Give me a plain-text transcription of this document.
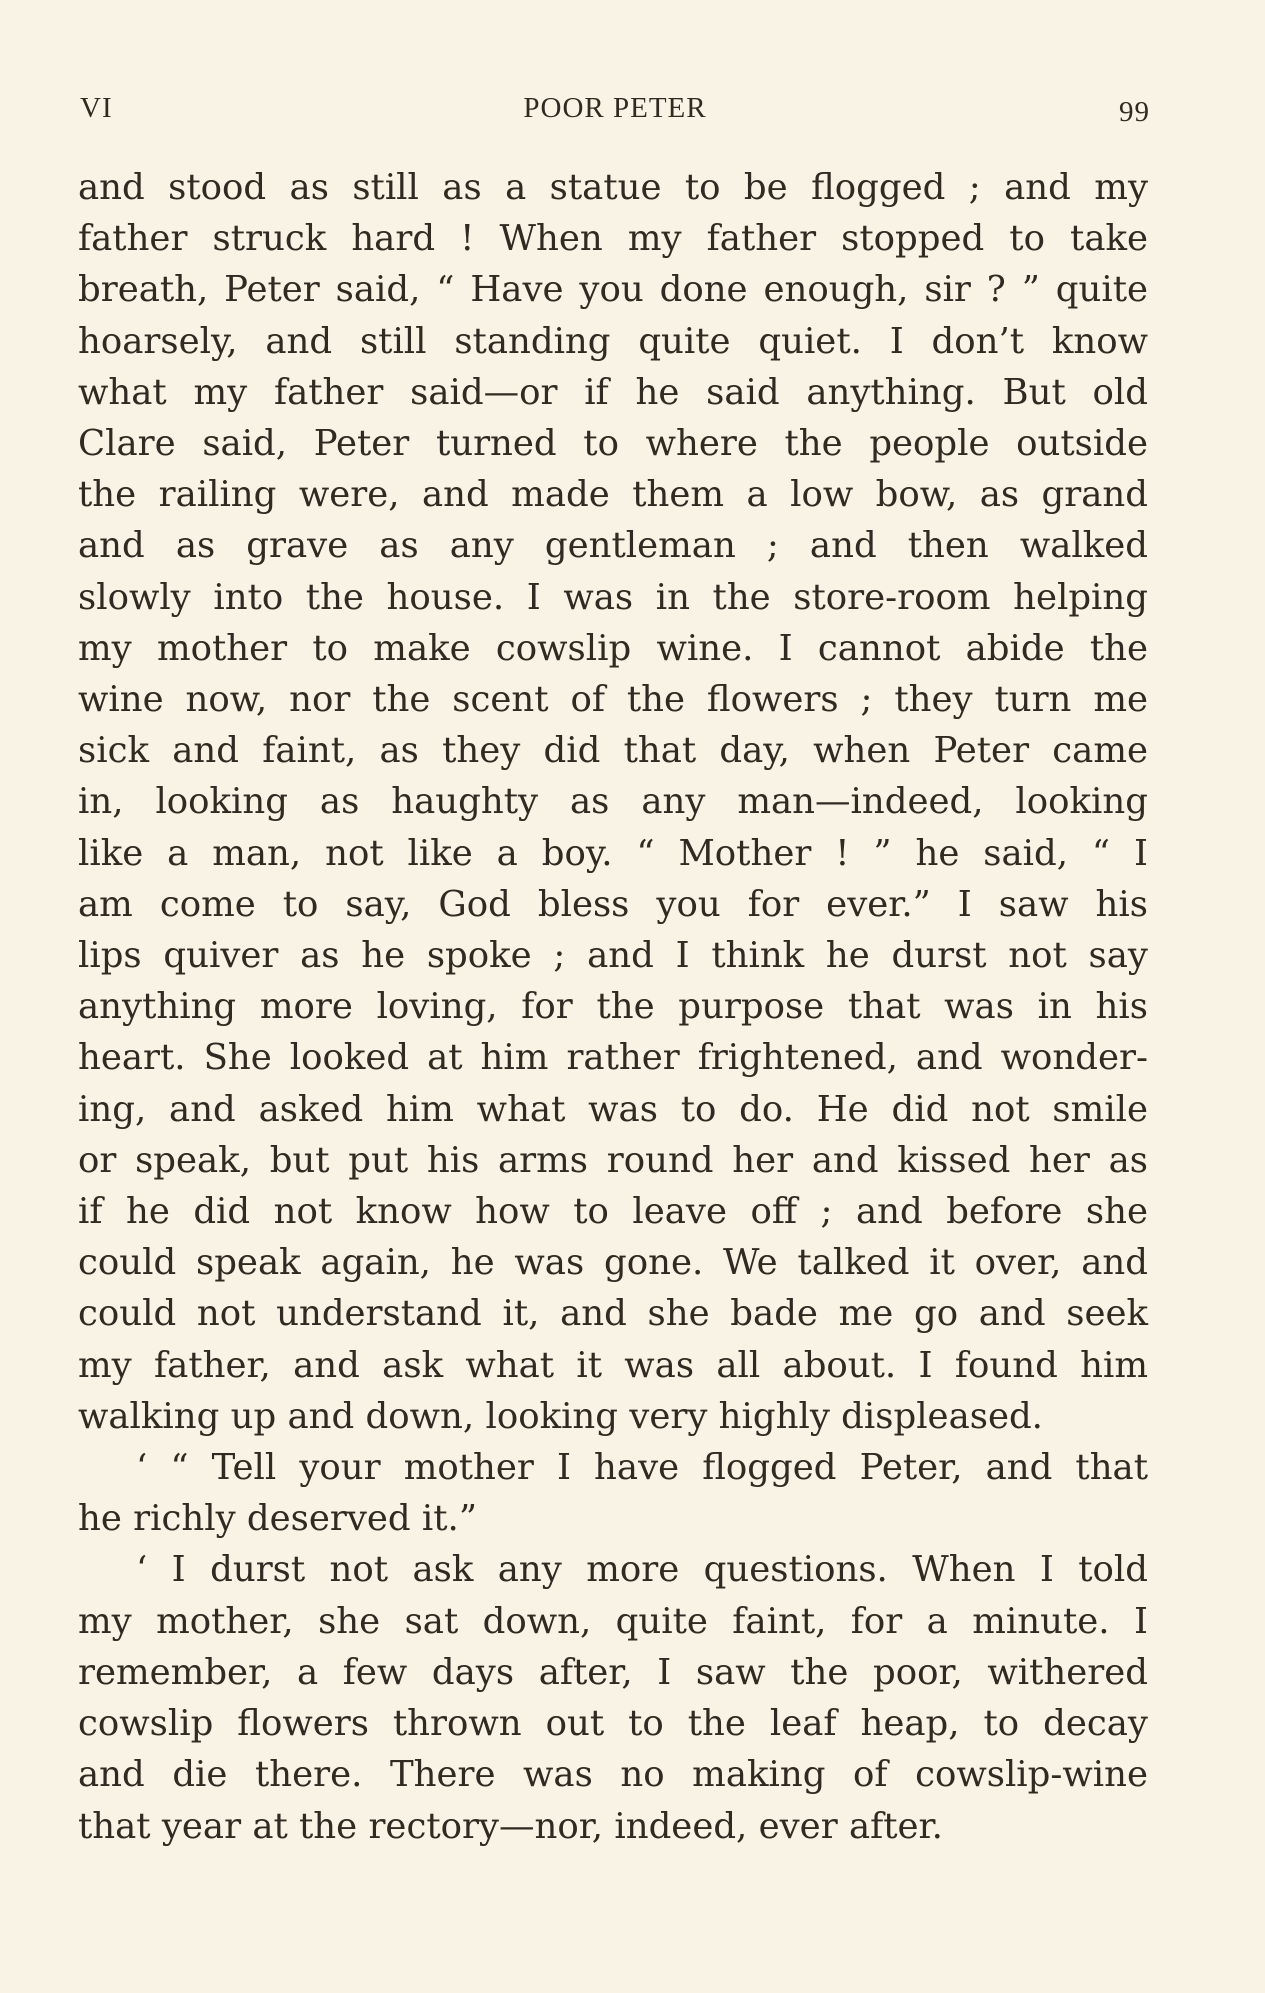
VI	POOR PETER	99

and stood as still as a statue to be flogged ; and my
father struck hard ! When my father stopped to take
breath, Peter said, “ Have you done enough, sir ? ” quite
hoarsely, and still standing quite quiet. I don’t know
what my father said—or if he said anything. But old
Clare said, Peter turned to where the people outside
the railing were, and made them a low bow, as grand
and as grave as any gentleman ; and then walked
slowly into the house. I was in the store-room helping
my mother to make cowslip wine. I cannot abide the
wine now, nor the scent of the flowers ; they turn me
sick and faint, as they did that day, when Peter came
in, looking as haughty as any man—indeed, looking
like a man, not like a boy. “ Mother ! ” he said, “ I
am come to say, God bless you for ever.” I saw his
lips quiver as he spoke ; and I think he durst not say
anything more loving, for the purpose that was in his
heart. She looked at him rather frightened, and wonder-
ing, and asked him what was to do. He did not smile
or speak, but put his arms round her and kissed her as
if he did not know how to leave off ; and before she
could speak again, he was gone. We talked it over, and
could not understand it, and she bade me go and seek
my father, and ask what it was all about. I found him
walking up and down, looking very highly displeased.

‘ “ Tell your mother I have flogged Peter, and that
he richly deserved it.”

‘ I durst not ask any more questions. When I told
my mother, she sat down, quite faint, for a minute. I
remember, a few days after, I saw the poor, withered
cowslip flowers thrown out to the leaf heap, to decay
and die there. There was no making of cowslip-wine
that year at the rectory—nor, indeed, ever after.
